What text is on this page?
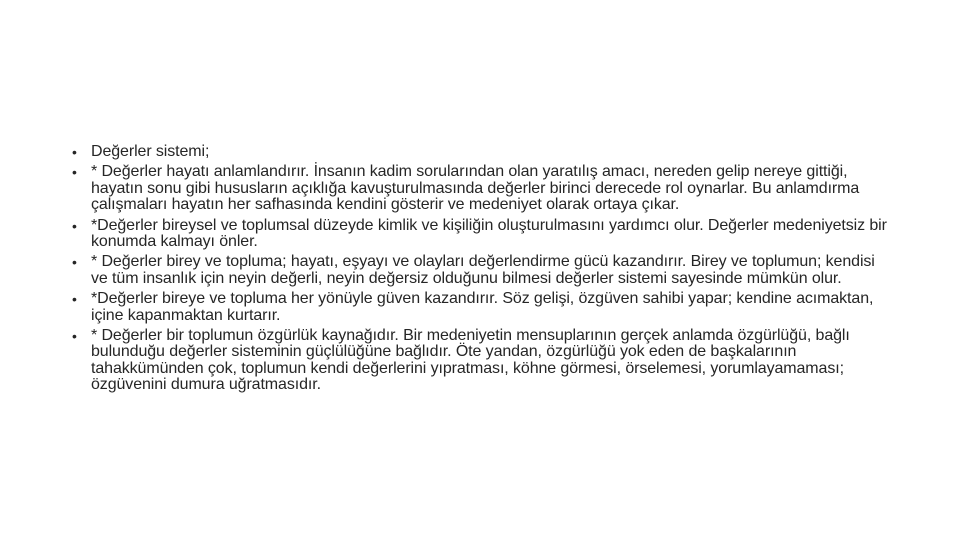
• Değerler sistemi;
• * Değerler hayatı anlamlandırır. İnsanın kadim sorularından olan yaratılış amacı, nereden gelip nereye gittiği, hayatın sonu gibi hususların açıklığa kavuşturulmasında değerler birinci derecede rol oynarlar. Bu anlamdırma çalışmaları hayatın her safhasında kendini gösterir ve medeniyet olarak ortaya çıkar.
• *Değerler bireysel ve toplumsal düzeyde kimlik ve kişiliğin oluşturulmasını yardımcı olur. Değerler medeniyetsiz bir konumda kalmayı önler.
• * Değerler birey ve topluma; hayatı, eşyayı ve olayları değerlendirme gücü kazandırır. Birey ve toplumun; kendisi ve tüm insanlık için neyin değerli, neyin değersiz olduğunu bilmesi değerler sistemi sayesinde mümkün olur.
• *Değerler bireye ve topluma her yönüyle güven kazandırır. Söz gelişi, özgüven sahibi yapar; kendine acımaktan, içine kapanmaktan kurtarır.
• * Değerler bir toplumun özgürlük kaynağıdır. Bir medeniyetin mensuplarının gerçek anlamda özgürlüğü, bağlı bulunduğu değerler sisteminin güçlülüğüne bağlıdır. Öte yandan, özgürlüğü yok eden de başkalarının tahakkümünden çok, toplumun kendi değerlerini yıpratması, köhne görmesi, örselemesi, yorumlayamaması; özgüvenini dumura uğratmasıdır.
